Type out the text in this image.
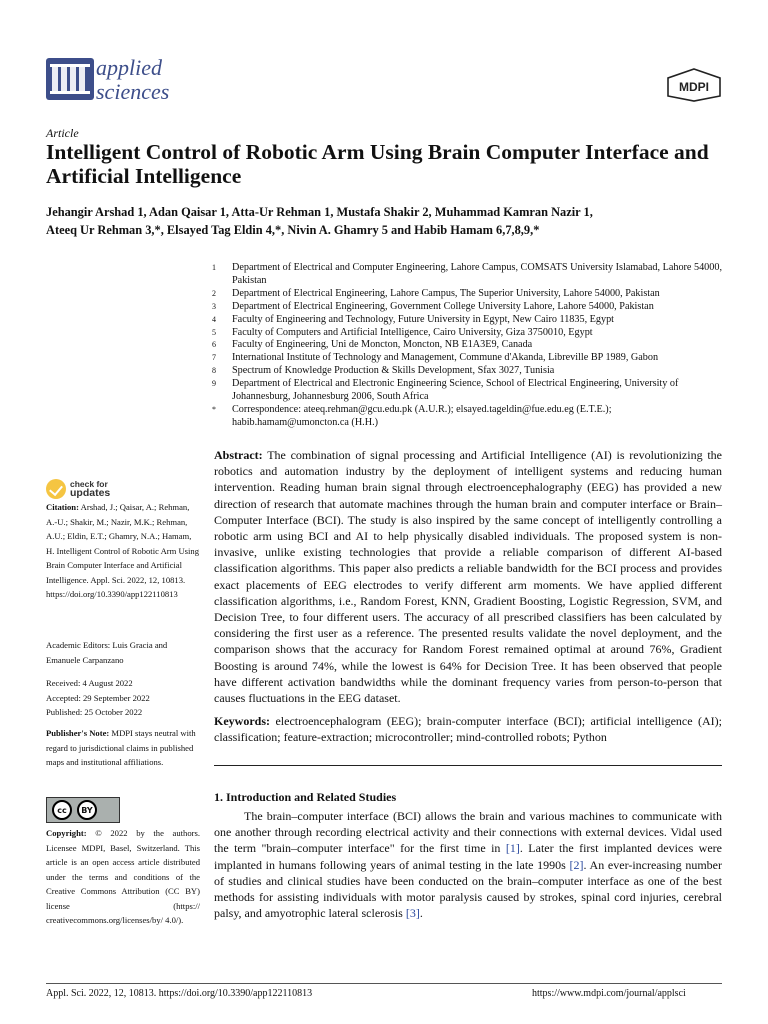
applied
sciences	MDPI
Article
Intelligent Control of Robotic Arm Using Brain Computer Interface and Artificial Intelligence
Jehangir Arshad 1, Adan Qaisar 1, Atta-Ur Rehman 1, Mustafa Shakir 2, Muhammad Kamran Nazir 1,
Ateeq Ur Rehman 3,*, Elsayed Tag Eldin 4,*, Nivin A. Ghamry 5 and Habib Hamam 6,7,8,9,*
1	Department of Electrical and Computer Engineering, Lahore Campus, COMSATS University Islamabad, Lahore 54000, Pakistan
2	Department of Electrical Engineering, Lahore Campus, The Superior University, Lahore 54000, Pakistan
3	Department of Electrical Engineering, Government College University Lahore, Lahore 54000, Pakistan
4	Faculty of Engineering and Technology, Future University in Egypt, New Cairo 11835, Egypt
5	Faculty of Computers and Artificial Intelligence, Cairo University, Giza 3750010, Egypt
6	Faculty of Engineering, Uni de Moncton, Moncton, NB E1A3E9, Canada
7	International Institute of Technology and Management, Commune d'Akanda, Libreville BP 1989, Gabon
8	Spectrum of Knowledge Production & Skills Development, Sfax 3027, Tunisia
9	Department of Electrical and Electronic Engineering Science, School of Electrical Engineering, University of Johannesburg, Johannesburg 2006, South Africa
*	Correspondence: ateeq.rehman@gcu.edu.pk (A.U.R.); elsayed.tageldin@fue.edu.eg (E.T.E.); habib.hamam@umoncton.ca (H.H.)
check for
updates
Citation: Arshad, J.; Qaisar, A.; Rehman, A.-U.; Shakir, M.; Nazir, M.K.; Rehman, A.U.; Eldin, E.T.; Ghamry, N.A.; Hamam, H. Intelligent Control of Robotic Arm Using Brain Computer Interface and Artificial Intelligence. Appl. Sci. 2022, 12, 10813. https://doi.org/10.3390/app122110813
Academic Editors: Luis Gracia and Emanuele Carpanzano
Received: 4 August 2022
Accepted: 29 September 2022
Published: 25 October 2022
Publisher's Note: MDPI stays neutral with regard to jurisdictional claims in published maps and institutional affiliations.
cc	BY
Copyright: © 2022 by the authors. Licensee MDPI, Basel, Switzerland. This article is an open access article distributed under the terms and conditions of the Creative Commons Attribution (CC BY) license (https:// creativecommons.org/licenses/by/ 4.0/).
Abstract: The combination of signal processing and Artificial Intelligence (AI) is revolutionizing the robotics and automation industry by the deployment of intelligent systems and reducing human intervention. Reading human brain signal through electroencephalography (EEG) has provided a new direction of research that automate machines through the human brain and computer interface or Brain–Computer Interface (BCI). The study is also inspired by the same concept of intelligently controlling a robotic arm using BCI and AI to help physically disabled individuals. The proposed system is non-invasive, unlike existing technologies that provide a reliable comparison of different AI-based classification algorithms. This paper also predicts a reliable bandwidth for the BCI process and provides exact placements of EEG electrodes to verify different arm moments. We have applied different classification algorithms, i.e., Random Forest, KNN, Gradient Boosting, Logistic Regression, SVM, and Decision Tree, to four different users. The accuracy of all prescribed classifiers has been calculated by considering the first user as a reference. The presented results validate the novel deployment, and the comparison shows that the accuracy for Random Forest remained optimal at around 76%, Gradient Boosting is around 74%, while the lowest is 64% for Decision Tree. It has been observed that people have different activation bandwidths while the dominant frequency varies from person-to-person that causes fluctuations in the EEG dataset.
Keywords: electroencephalogram (EEG); brain-computer interface (BCI); artificial intelligence (AI); classification; feature-extraction; microcontroller; mind-controlled robots; Python
1. Introduction and Related Studies

The brain–computer interface (BCI) allows the brain and various machines to communicate with one another through recording electrical activity and their connections with external devices. Vidal used the term "brain–computer interface" for the first time in [1]. Later the first implanted devices were implanted in humans following years of animal testing in the late 1990s [2]. An ever-increasing number of studies and clinical studies have been conducted on the brain–computer interface as one of the best methods for assisting individuals with motor paralysis caused by strokes, spinal cord injuries, cerebral palsy, and amyotrophic lateral sclerosis [3].

Appl. Sci. 2022, 12, 10813. https://doi.org/10.3390/app122110813	https://www.mdpi.com/journal/applsci
